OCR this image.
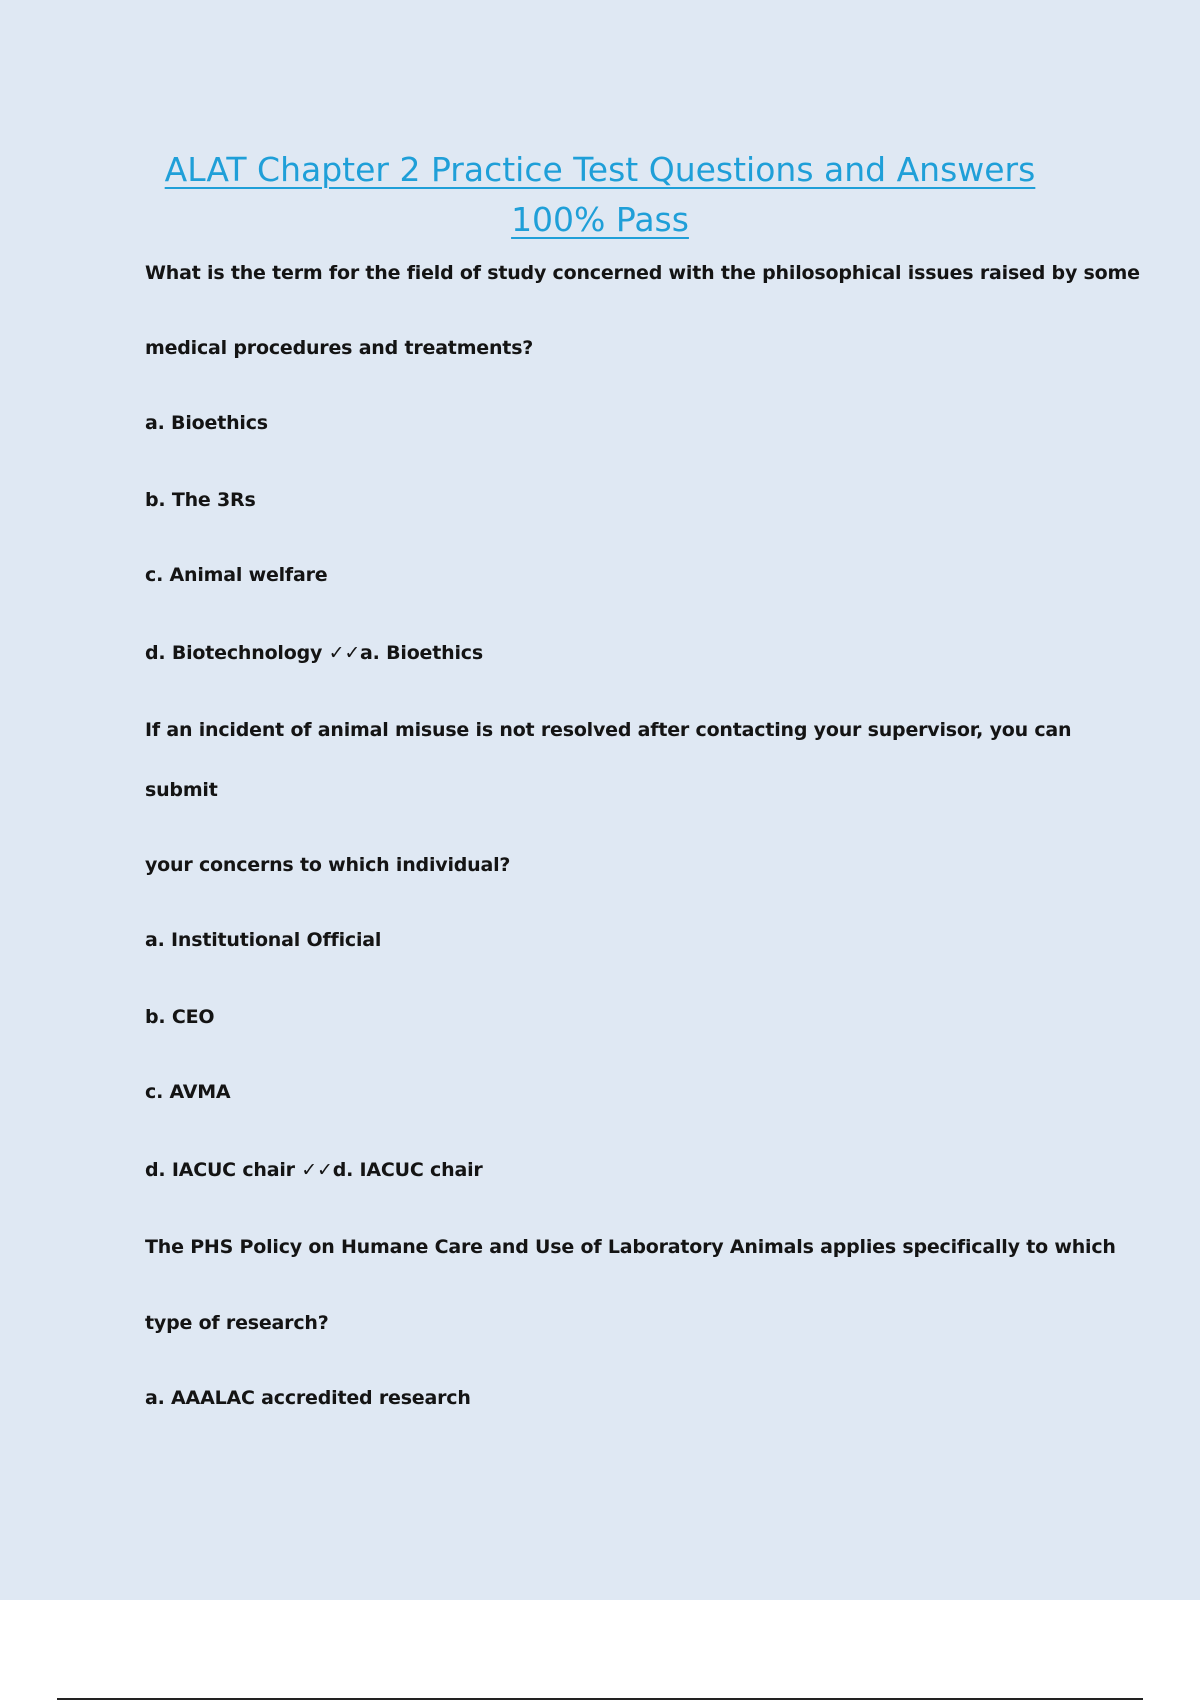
ALAT Chapter 2 Practice Test Questions and Answers
100% Pass

What is the term for the field of study concerned with the philosophical issues raised by some

medical procedures and treatments?

a. Bioethics

b. The 3Rs

c. Animal welfare

d. Biotechnology ✓✓a. Bioethics

If an incident of animal misuse is not resolved after contacting your supervisor, you can

submit

your concerns to which individual?

a. Institutional Official

b. CEO

c. AVMA

d. IACUC chair ✓✓d. IACUC chair

The PHS Policy on Humane Care and Use of Laboratory Animals applies specifically to which

type of research?

a. AAALAC accredited research
